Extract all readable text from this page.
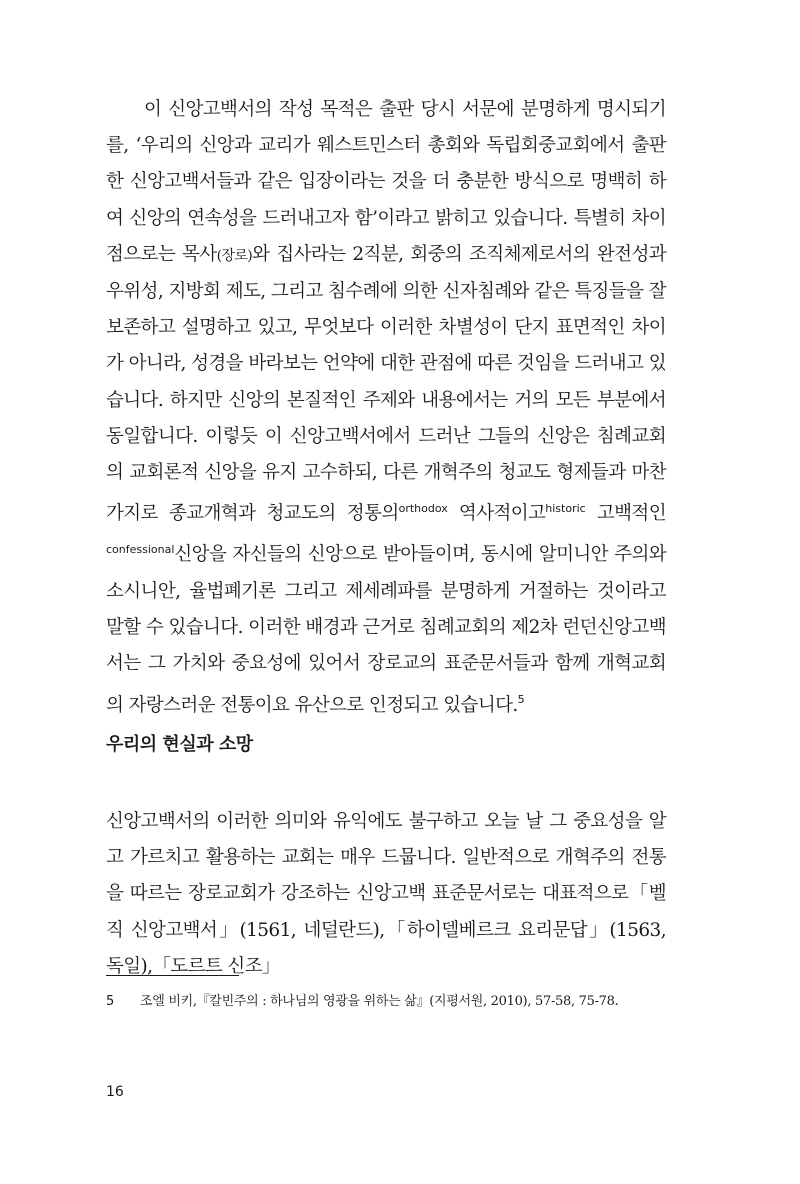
이 신앙고백서의 작성 목적은 출판 당시 서문에 분명하게 명시되기를, ‘우리의 신앙과 교리가 웨스트민스터 총회와 독립회중교회에서 출판한 신앙고백서들과 같은 입장이라는 것을 더 충분한 방식으로 명백히 하여 신앙의 연속성을 드러내고자 함’이라고 밝히고 있습니다. 특별히 차이점으로는 목사(장로)와 집사라는 2직분, 회중의 조직체제로서의 완전성과 우위성, 지방회 제도, 그리고 침수례에 의한 신자침례와 같은 특징들을 잘 보존하고 설명하고 있고, 무엇보다 이러한 차별성이 단지 표면적인 차이가 아니라, 성경을 바라보는 언약에 대한 관점에 따른 것임을 드러내고 있습니다. 하지만 신앙의 본질적인 주제와 내용에서는 거의 모든 부분에서 동일합니다. 이렇듯 이 신앙고백서에서 드러난 그들의 신앙은 침례교회의 교회론적 신앙을 유지 고수하되, 다른 개혁주의 청교도 형제들과 마찬가지로 종교개혁과 청교도의 정통의$^{orthodox}$ 역사적이고$^{historic}$ 고백적인$^{confessional}$신앙을 자신들의 신앙으로 받아들이며, 동시에 알미니안 주의와 소시니안, 율법폐기론 그리고 제세례파를 분명하게 거절하는 것이라고 말할 수 있습니다. 이러한 배경과 근거로 침례교회의 제2차 런던신앙고백서는 그 가치와 중요성에 있어서 장로교의 표준문서들과 함께 개혁교회의 자랑스러운 전통이요 유산으로 인정되고 있습니다.$^5$

우리의 현실과 소망

신앙고백서의 이러한 의미와 유익에도 불구하고 오늘 날 그 중요성을 알고 가르치고 활용하는 교회는 매우 드뭅니다. 일반적으로 개혁주의 전통을 따르는 장로교회가 강조하는 신앙고백 표준문서로는 대표적으로「벨직 신앙고백서」(1561, 네덜란드),「하이델베르크 요리문답」(1563, 독일),「도르트 신조」

5 조엘 비키,『칼빈주의 : 하나님의 영광을 위하는 삶』(지평서원, 2010), 57-58, 75-78.

16
